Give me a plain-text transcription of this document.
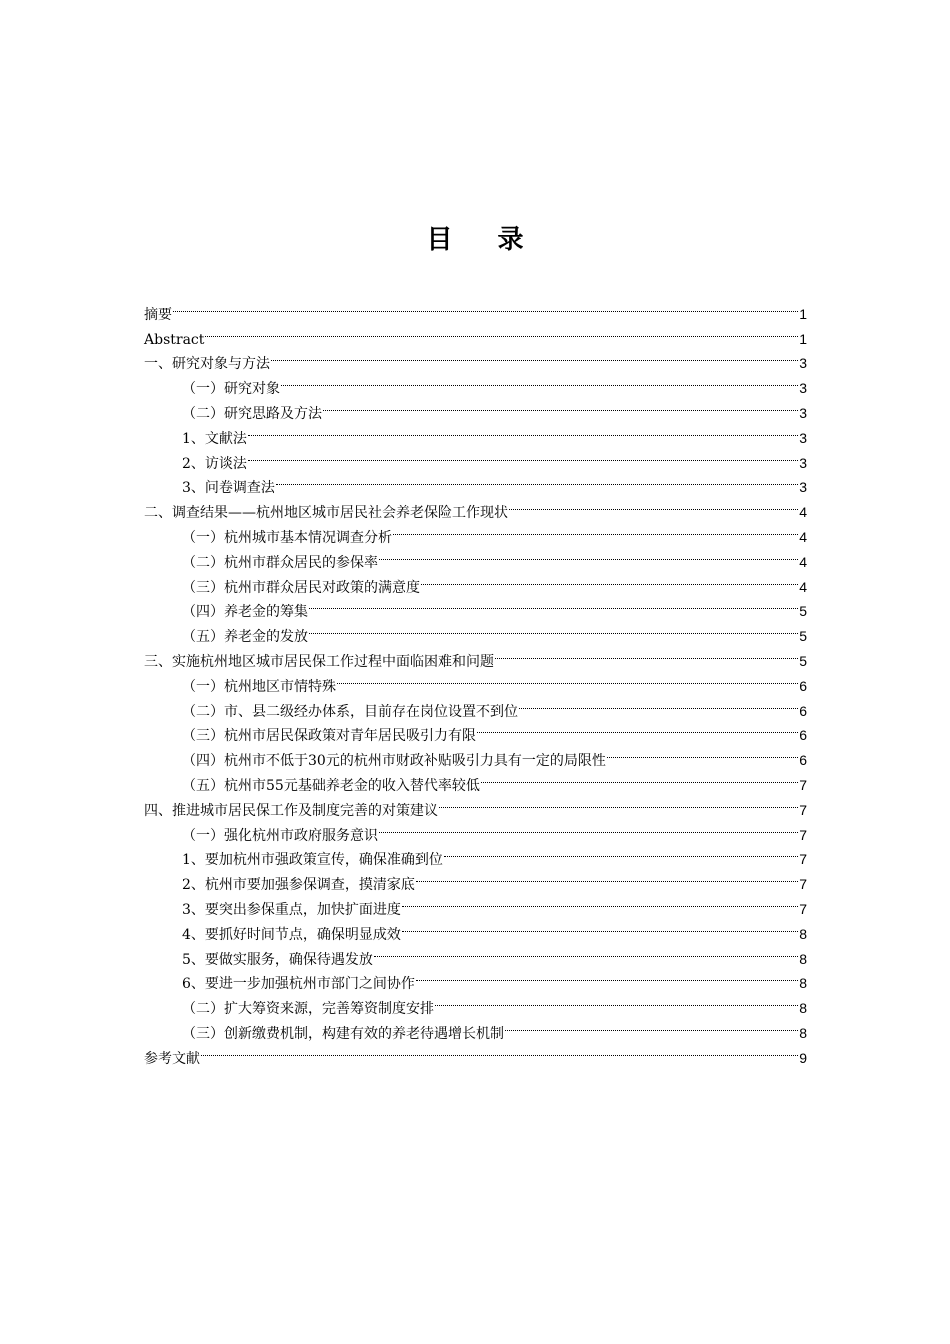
目 录
摘要	1
Abstract	1
一、研究对象与方法	3
（一）研究对象	3
（二）研究思路及方法	3
1、文献法	3
2、访谈法	3
3、问卷调查法	3
二、调查结果——杭州地区城市居民社会养老保险工作现状	4
（一）杭州城市基本情况调查分析	4
（二）杭州市群众居民的参保率	4
（三）杭州市群众居民对政策的满意度	4
（四）养老金的筹集	5
（五）养老金的发放	5
三、实施杭州地区城市居民保工作过程中面临困难和问题	5
（一）杭州地区市情特殊	6
（二）市、县二级经办体系，目前存在岗位设置不到位	6
（三）杭州市居民保政策对青年居民吸引力有限	6
（四）杭州市不低于30元的杭州市财政补贴吸引力具有一定的局限性	6
（五）杭州市55元基础养老金的收入替代率较低	7
四、推进城市居民保工作及制度完善的对策建议	7
（一）强化杭州市政府服务意识	7
1、要加杭州市强政策宣传，确保准确到位	7
2、杭州市要加强参保调查，摸清家底	7
3、要突出参保重点，加快扩面进度	7
4、要抓好时间节点，确保明显成效	8
5、要做实服务，确保待遇发放	8
6、要进一步加强杭州市部门之间协作	8
（二）扩大筹资来源，完善筹资制度安排	8
（三）创新缴费机制，构建有效的养老待遇增长机制	8
参考文献	9
